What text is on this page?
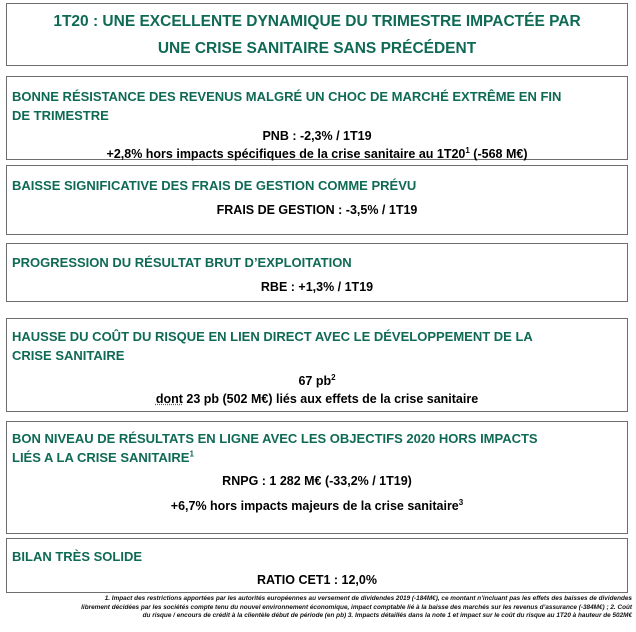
1T20 : UNE EXCELLENTE DYNAMIQUE DU TRIMESTRE IMPACTÉE PAR
UNE CRISE SANITAIRE SANS PRÉCÉDENT
BONNE RÉSISTANCE DES REVENUS MALGRÉ UN CHOC DE MARCHÉ EXTRÊME EN FIN
DE TRIMESTRE
PNB : -2,3% / 1T19
+2,8% hors impacts spécifiques de la crise sanitaire au $1T20^1$ (-568 M€)
BAISSE SIGNIFICATIVE DES FRAIS DE GESTION COMME PRÉVU
FRAIS DE GESTION : -3,5% / 1T19
PROGRESSION DU RÉSULTAT BRUT D’EXPLOITATION
RBE : +1,3% / 1T19
HAUSSE DU COÛT DU RISQUE EN LIEN DIRECT AVEC LE DÉVELOPPEMENT DE LA
CRISE SANITAIRE
67 $pb^2$
dont 23 pb (502 M€) liés aux effets de la crise sanitaire
BON NIVEAU DE RÉSULTATS EN LIGNE AVEC LES OBJECTIFS 2020 HORS IMPACTS
LIÉS A LA CRISE SANITAIRE$^1$
RNPG : 1 282 M€ (-33,2% / 1T19)
+6,7% hors impacts majeurs de la crise sanitaire$^3$
BILAN TRÈS SOLIDE
RATIO CET1 : 12,0%
1. Impact des restrictions apportées par les autorités européennes au versement de dividendes 2019 (-184M€), ce montant n’incluant pas les effets des baisses de dividendes
librement décidées par les sociétés compte tenu du nouvel environnement économique, impact comptable lié à la baisse des marchés sur les revenus d’assurance (-384M€) ; 2. Coût
du risque / encours de crédit à la clientèle début de période (en pb) 3. Impacts détaillés dans la note 1 et impact sur le coût du risque au 1T20 à hauteur de 502M€
